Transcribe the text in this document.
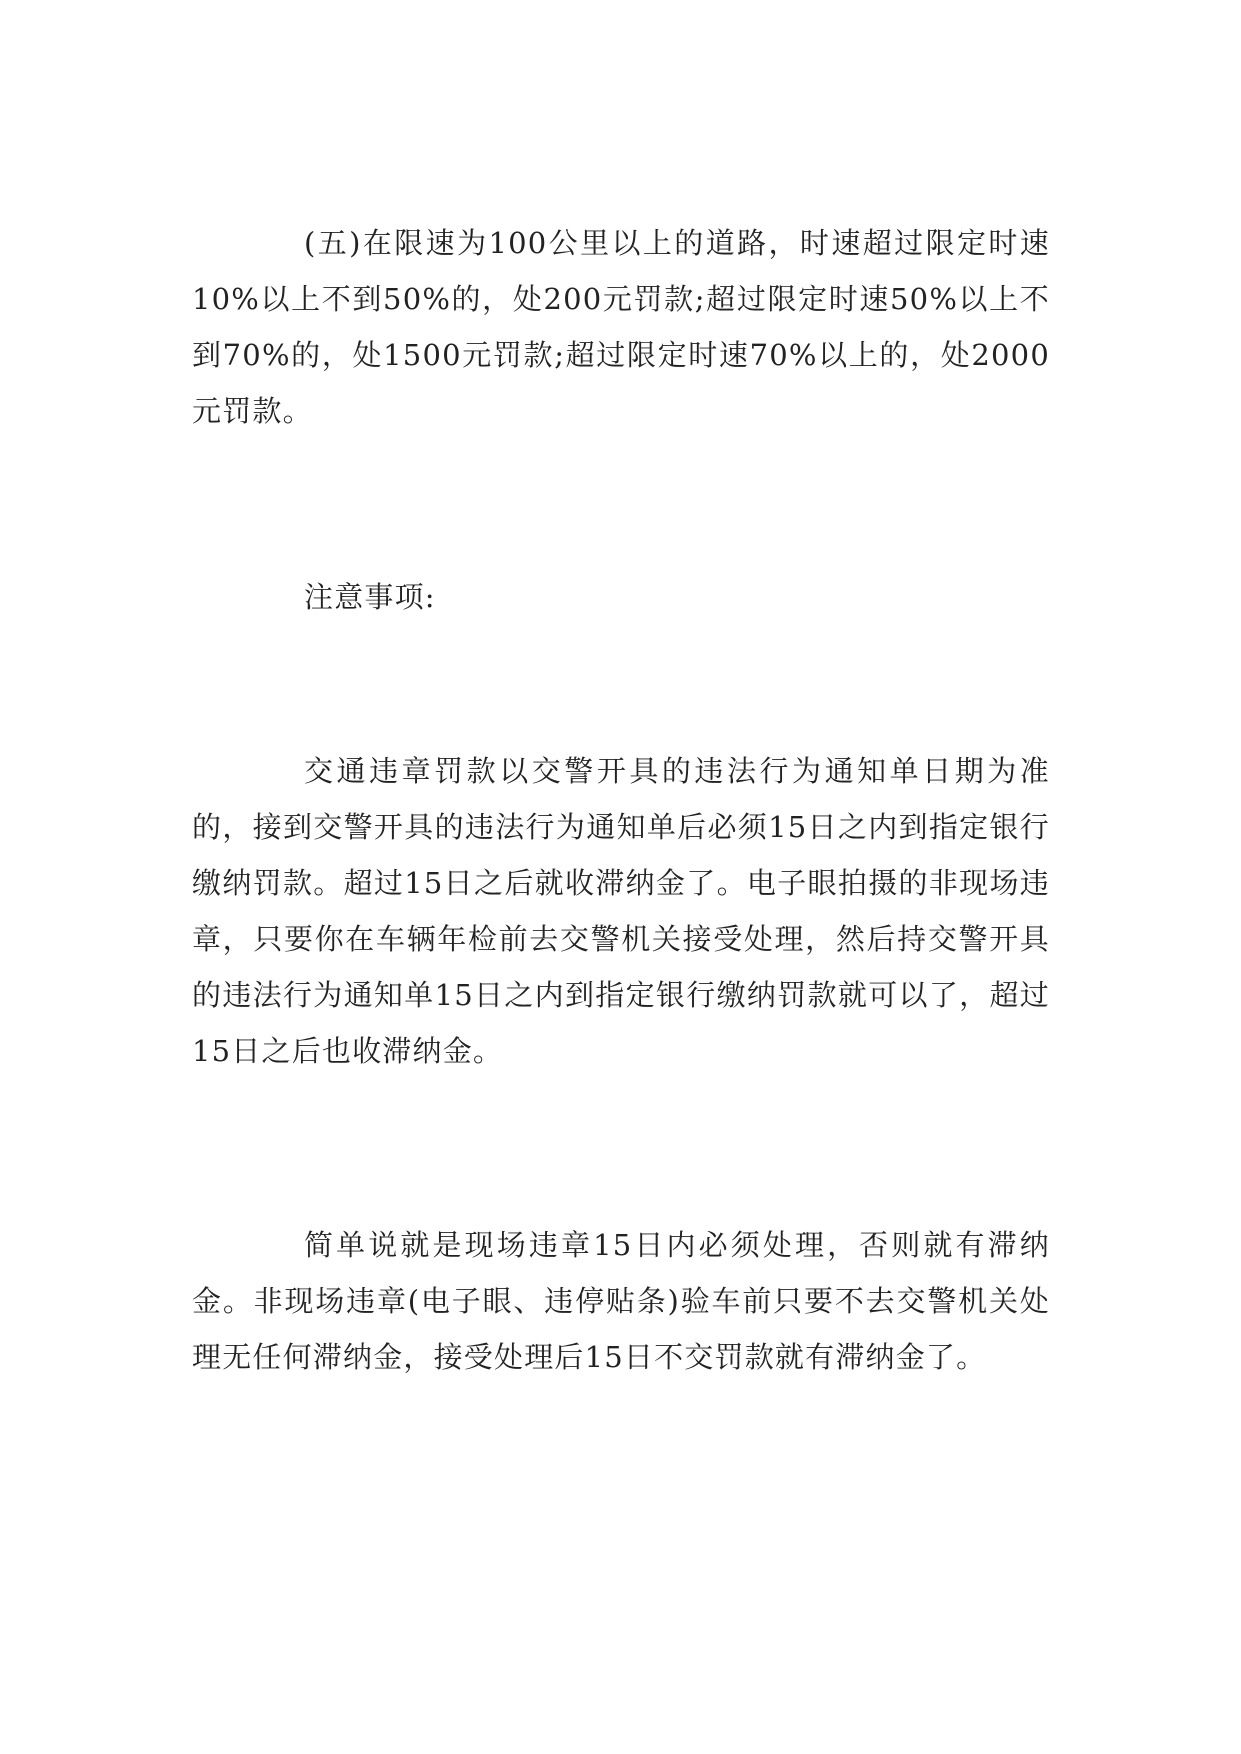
(五)在限速为100公里以上的道路，时速超过限定时速10%以上不到50%的，处200元罚款;超过限定时速50%以上不到70%的，处1500元罚款;超过限定时速70%以上的，处2000元罚款。

注意事项:

交通违章罚款以交警开具的违法行为通知单日期为准的，接到交警开具的违法行为通知单后必须15日之内到指定银行缴纳罚款。超过15日之后就收滞纳金了。电子眼拍摄的非现场违章，只要你在车辆年检前去交警机关接受处理，然后持交警开具的违法行为通知单15日之内到指定银行缴纳罚款就可以了，超过 15日之后也收滞纳金。

简单说就是现场违章15日内必须处理，否则就有滞纳金。非现场违章(电子眼、违停贴条)验车前只要不去交警机关处理无任何滞纳金，接受处理后15日不交罚款就有滞纳金了。
